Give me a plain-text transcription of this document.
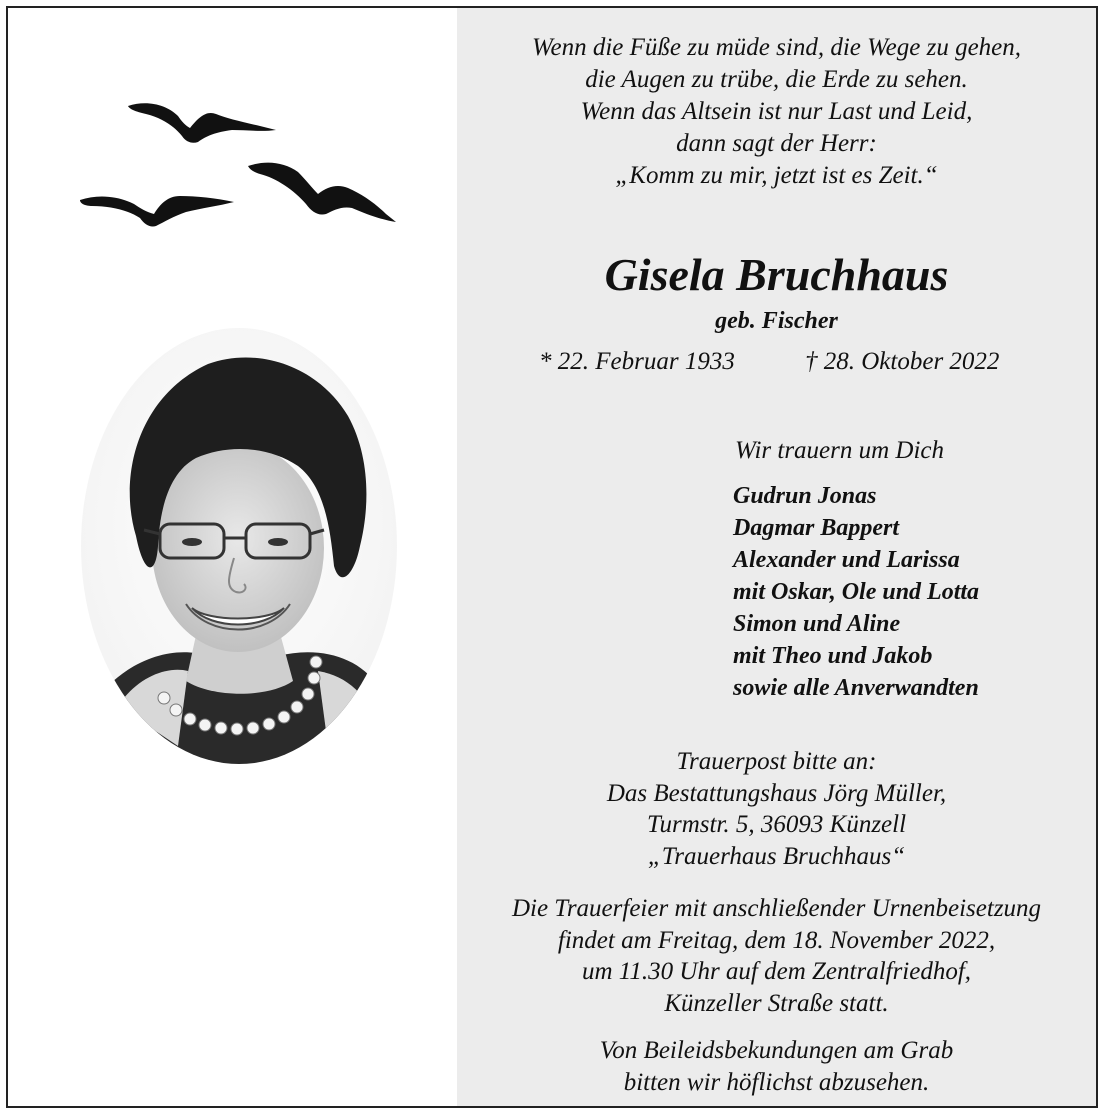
Wenn die Füße zu müde sind, die Wege zu gehen,
die Augen zu trübe, die Erde zu sehen.
Wenn das Altsein ist nur Last und Leid,
dann sagt der Herr:
„Komm zu mir, jetzt ist es Zeit.“
Gisela Bruchhaus
geb. Fischer
* 22. Februar 1933	† 28. Oktober 2022
Wir trauern um Dich
Gudrun Jonas
Dagmar Bappert
Alexander und Larissa
mit Oskar, Ole und Lotta
Simon und Aline
mit Theo und Jakob
sowie alle Anverwandten
Trauerpost bitte an:
Das Bestattungshaus Jörg Müller,
Turmstr. 5, 36093 Künzell
„Trauerhaus Bruchhaus“
Die Trauerfeier mit anschließender Urnenbeisetzung
findet am Freitag, dem 18. November 2022,
um 11.30 Uhr auf dem Zentralfriedhof,
Künzeller Straße statt.
Von Beileidsbekundungen am Grab
bitten wir höflichst abzusehen.
